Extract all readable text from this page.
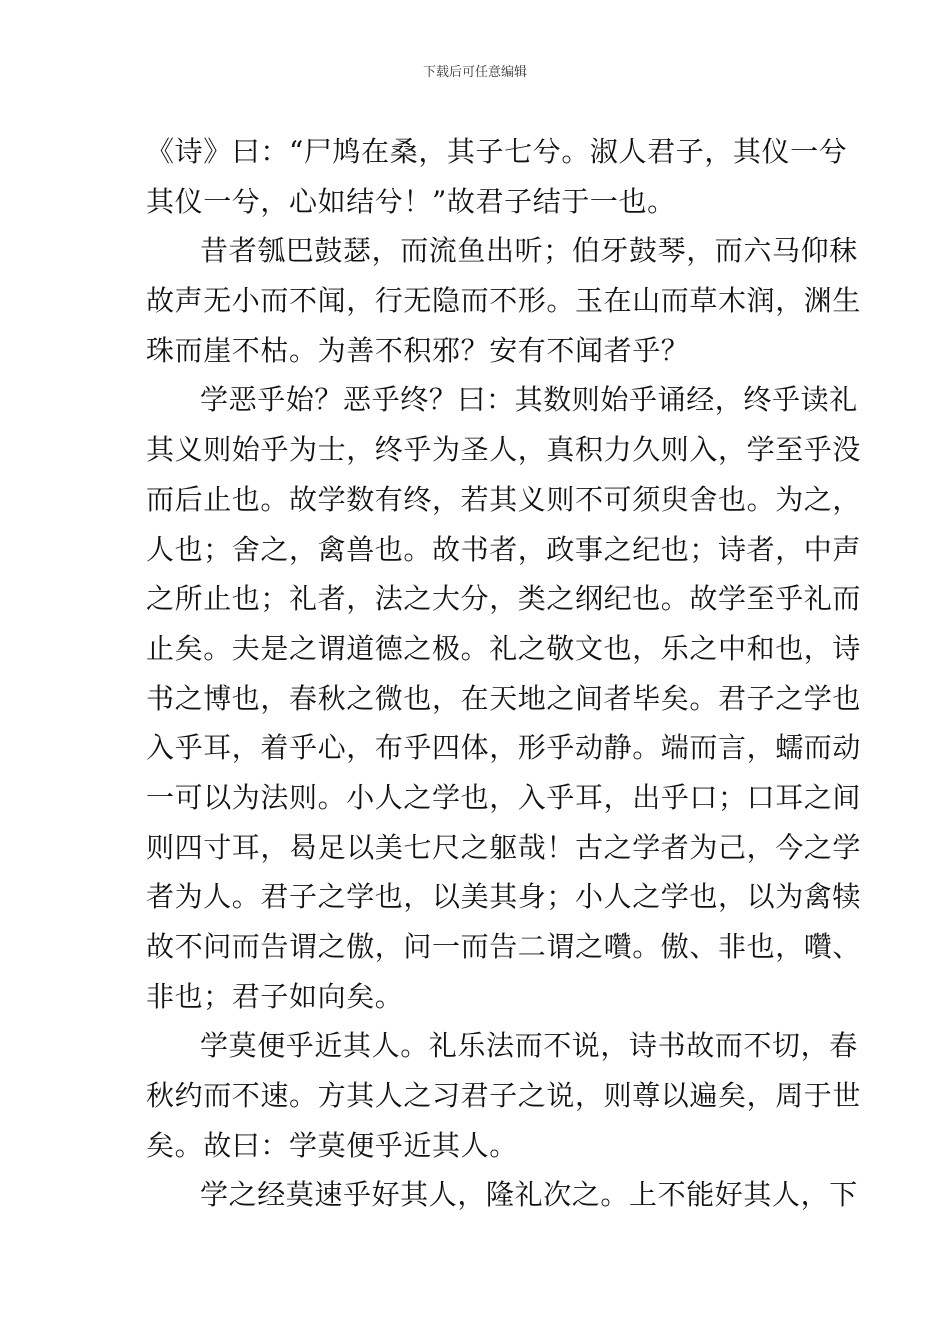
下载后可任意编辑
《诗》曰：“尸鸠在桑，其子七兮。淑人君子，其仪一兮
其仪一兮，心如结兮！”故君子结于一也。
昔者瓠巴鼓瑟，而流鱼出听；伯牙鼓琴，而六马仰秣
故声无小而不闻，行无隐而不形。玉在山而草木润，渊生
珠而崖不枯。为善不积邪？安有不闻者乎？
学恶乎始？恶乎终？曰：其数则始乎诵经，终乎读礼
其义则始乎为士，终乎为圣人，真积力久则入，学至乎没
而后止也。故学数有终，若其义则不可须臾舍也。为之，
人也；舍之，禽兽也。故书者，政事之纪也；诗者，中声
之所止也；礼者，法之大分，类之纲纪也。故学至乎礼而
止矣。夫是之谓道德之极。礼之敬文也，乐之中和也，诗
书之博也，春秋之微也，在天地之间者毕矣。君子之学也
入乎耳，着乎心，布乎四体，形乎动静。端而言，蠕而动
一可以为法则。小人之学也，入乎耳，出乎口；口耳之间
则四寸耳，曷足以美七尺之躯哉！古之学者为己，今之学
者为人。君子之学也，以美其身；小人之学也，以为禽犊
故不问而告谓之傲，问一而告二谓之囋。傲、非也，囋、
非也；君子如向矣。
学莫便乎近其人。礼乐法而不说，诗书故而不切，春
秋约而不速。方其人之习君子之说，则尊以遍矣，周于世
矣。故曰：学莫便乎近其人。
学之经莫速乎好其人，隆礼次之。上不能好其人，下
